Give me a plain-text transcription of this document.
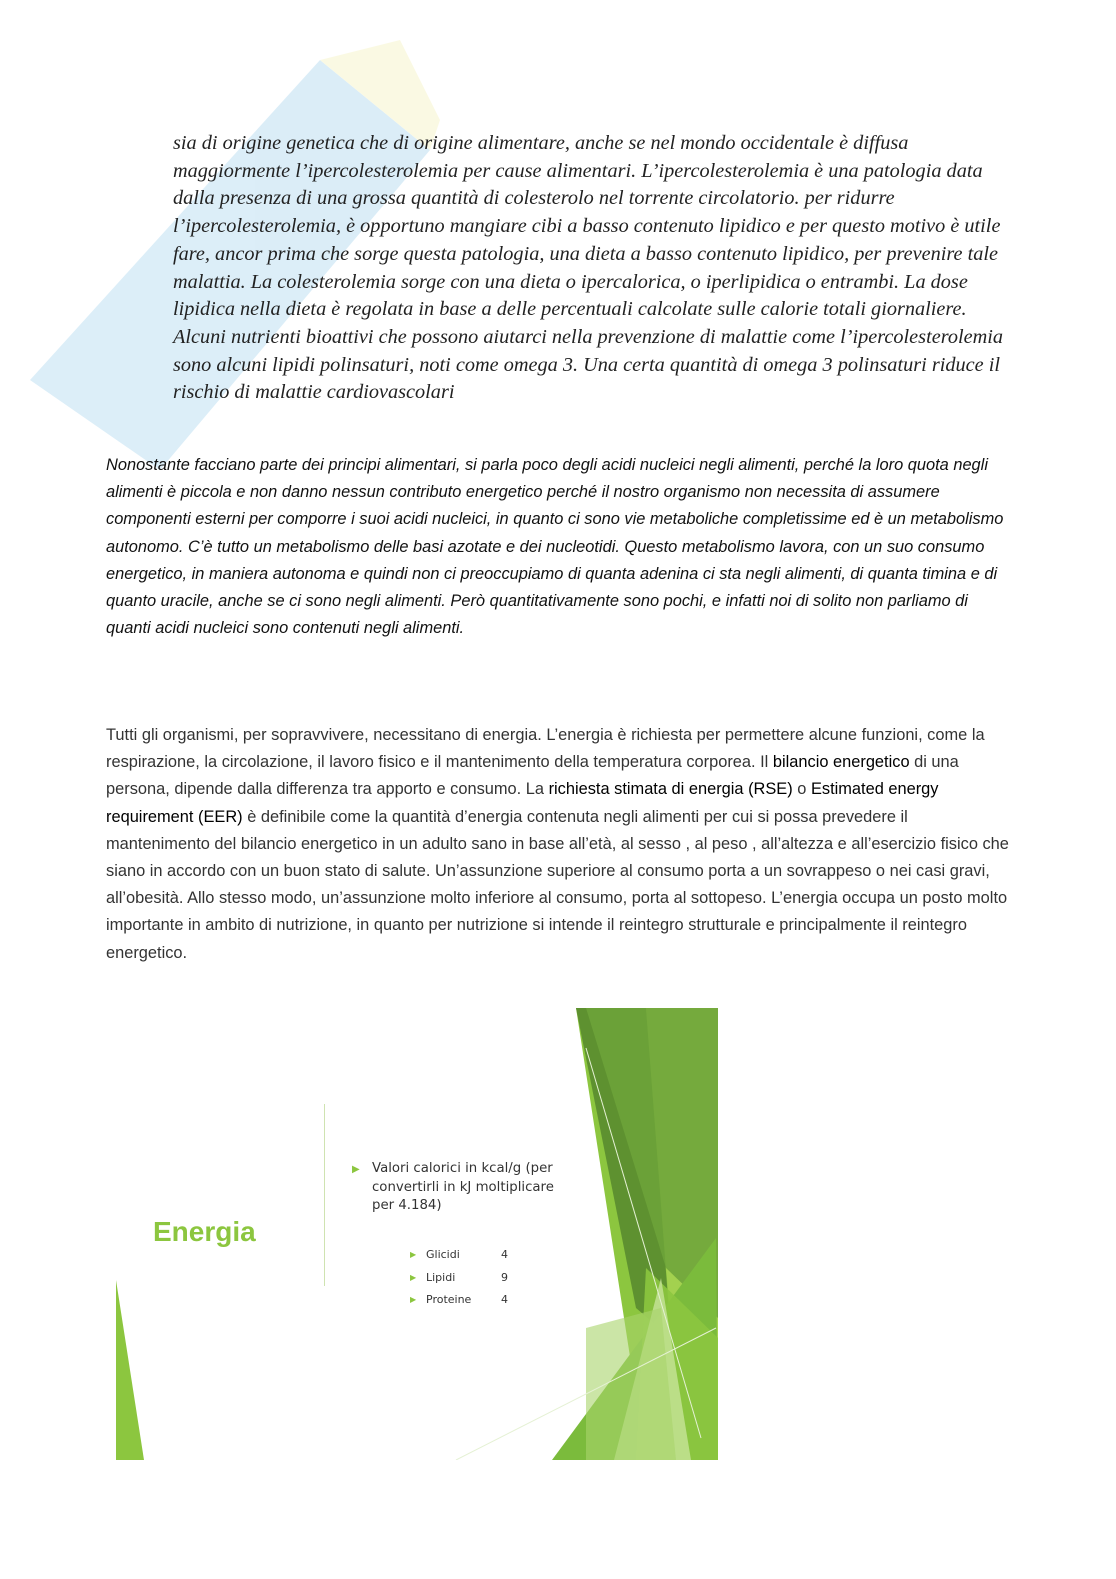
sia di origine genetica che di origine alimentare, anche se nel mondo occidentale è diffusa maggiormente l’ipercolesterolemia per cause alimentari. L’ipercolesterolemia è una patologia data dalla presenza di una grossa quantità di colesterolo nel torrente circolatorio. per ridurre l’ipercolesterolemia, è opportuno mangiare cibi a basso contenuto lipidico e per questo motivo è utile fare, ancor prima che sorge questa patologia, una dieta a basso contenuto lipidico, per prevenire tale malattia. La colesterolemia sorge con una dieta o ipercalorica, o iperlipidica o entrambi. La dose lipidica nella dieta è regolata in base a delle percentuali calcolate sulle calorie totali giornaliere. Alcuni nutrienti bioattivi che possono aiutarci nella prevenzione di malattie come l’ipercolesterolemia sono alcuni lipidi polinsaturi, noti come omega 3. Una certa quantità di omega 3 polinsaturi riduce il rischio di malattie cardiovascolari
Nonostante facciano parte dei principi alimentari, si parla poco degli acidi nucleici negli alimenti, perché la loro quota negli alimenti è piccola e non danno nessun contributo energetico perché il nostro organismo non necessita di assumere componenti esterni per comporre i suoi acidi nucleici, in quanto ci sono vie metaboliche completissime ed è un metabolismo autonomo. C’è tutto un metabolismo delle basi azotate e dei nucleotidi. Questo metabolismo lavora, con un suo consumo energetico, in maniera autonoma e quindi non ci preoccupiamo di quanta adenina ci sta negli alimenti, di quanta timina e di quanto uracile, anche se ci sono negli alimenti. Però quantitativamente sono pochi, e infatti noi di solito non parliamo di quanti acidi nucleici sono contenuti negli alimenti.
Tutti gli organismi, per sopravvivere, necessitano di energia. L’energia è richiesta per permettere alcune funzioni, come la respirazione, la circolazione, il lavoro fisico e il mantenimento della temperatura corporea. Il bilancio energetico di una persona, dipende dalla differenza tra apporto e consumo. La richiesta stimata di energia (RSE) o Estimated energy requirement (EER) è definibile come la quantità d’energia contenuta negli alimenti per cui si possa prevedere il mantenimento del bilancio energetico in un adulto sano in base all’età, al sesso , al peso , all’altezza e all’esercizio fisico che siano in accordo con un buon stato di salute. Un’assunzione superiore al consumo porta a un sovrappeso o nei casi gravi, all’obesità. Allo stesso modo, un’assunzione molto inferiore al consumo, porta al sottopeso. L’energia occupa un posto molto importante in ambito di nutrizione, in quanto per nutrizione si intende il reintegro strutturale e principalmente il reintegro energetico.
Energia
▶ Valori calorici in kcal/g (per convertirli in kJ moltiplicare per 4.184)
▶ Glicidi	4
▶ Lipidi	9
▶ Proteine	4
